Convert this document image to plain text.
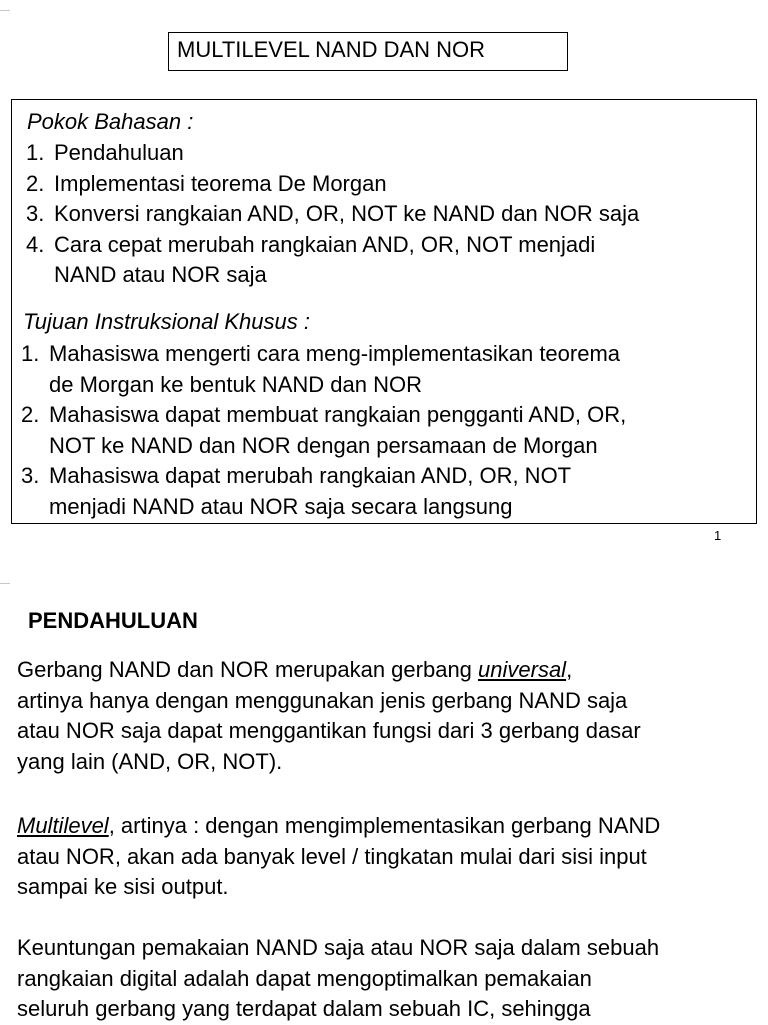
MULTILEVEL NAND DAN NOR
Pokok Bahasan :
1. Pendahuluan
2. Implementasi teorema De Morgan
3. Konversi rangkaian AND, OR, NOT ke NAND dan NOR saja
4. Cara cepat merubah rangkaian AND, OR, NOT menjadi
NAND atau NOR saja
Tujuan Instruksional Khusus :
1. Mahasiswa mengerti cara meng-implementasikan teorema
de Morgan ke bentuk NAND dan NOR
2. Mahasiswa dapat membuat rangkaian pengganti AND, OR,
NOT ke NAND dan NOR dengan persamaan de Morgan
3. Mahasiswa dapat merubah rangkaian AND, OR, NOT
menjadi NAND atau NOR saja secara langsung
1
PENDAHULUAN

Gerbang NAND dan NOR merupakan gerbang universal,
artinya hanya dengan menggunakan jenis gerbang NAND saja
atau NOR saja dapat menggantikan fungsi dari 3 gerbang dasar
yang lain (AND, OR, NOT).

Multilevel, artinya : dengan mengimplementasikan gerbang NAND
atau NOR, akan ada banyak level / tingkatan mulai dari sisi input
sampai ke sisi output.

Keuntungan pemakaian NAND saja atau NOR saja dalam sebuah
rangkaian digital adalah dapat mengoptimalkan pemakaian
seluruh gerbang yang terdapat dalam sebuah IC, sehingga
